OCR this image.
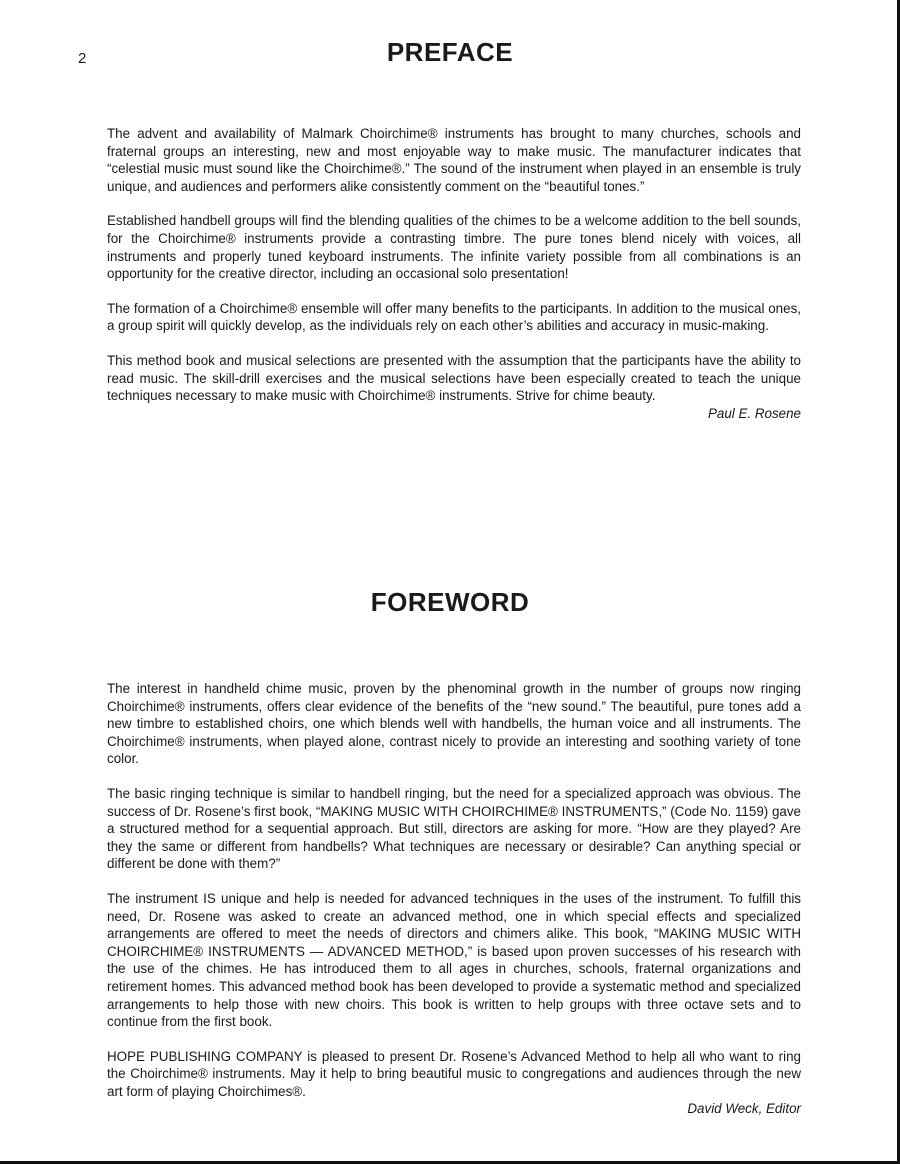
2	PREFACE

The advent and availability of Malmark Choirchime® instruments has brought to many churches, schools and fraternal groups an interesting, new and most enjoyable way to make music. The manufacturer indicates that “celestial music must sound like the Choirchime®.” The sound of the instrument when played in an ensemble is truly unique, and audiences and performers alike consistently comment on the “beautiful tones.”

Established handbell groups will find the blending qualities of the chimes to be a welcome addition to the bell sounds, for the Choirchime® instruments provide a contrasting timbre. The pure tones blend nicely with voices, all instruments and properly tuned keyboard instruments. The infinite variety possible from all combinations is an opportunity for the creative director, including an occasional solo presentation!

The formation of a Choirchime® ensemble will offer many benefits to the participants. In addition to the musical ones, a group spirit will quickly develop, as the individuals rely on each other’s abilities and accuracy in music-making.

This method book and musical selections are presented with the assumption that the participants have the ability to read music. The skill-drill exercises and the musical selections have been especially created to teach the unique techniques necessary to make music with Choirchime® instruments. Strive for chime beauty.

Paul E. Rosene

FOREWORD

The interest in handheld chime music, proven by the phenominal growth in the number of groups now ringing Choirchime® instruments, offers clear evidence of the benefits of the “new sound.” The beautiful, pure tones add a new timbre to established choirs, one which blends well with handbells, the human voice and all instruments. The Choirchime® instruments, when played alone, contrast nicely to provide an interesting and soothing variety of tone color.

The basic ringing technique is similar to handbell ringing, but the need for a specialized approach was obvious. The success of Dr. Rosene’s first book, “MAKING MUSIC WITH CHOIRCHIME® INSTRUMENTS,” (Code No. 1159) gave a structured method for a sequential approach. But still, directors are asking for more. “How are they played? Are they the same or different from handbells? What techniques are necessary or desirable? Can anything special or different be done with them?”

The instrument IS unique and help is needed for advanced techniques in the uses of the instrument. To fulfill this need, Dr. Rosene was asked to create an advanced method, one in which special effects and specialized arrangements are offered to meet the needs of directors and chimers alike. This book, “MAKING MUSIC WITH CHOIRCHIME® INSTRUMENTS — ADVANCED METHOD,” is based upon proven successes of his research with the use of the chimes. He has introduced them to all ages in churches, schools, fraternal organizations and retirement homes. This advanced method book has been developed to provide a systematic method and specialized arrangements to help those with new choirs. This book is written to help groups with three octave sets and to continue from the first book.

HOPE PUBLISHING COMPANY is pleased to present Dr. Rosene’s Advanced Method to help all who want to ring the Choirchime® instruments. May it help to bring beautiful music to congregations and audiences through the new art form of playing Choirchimes®.

David Weck, Editor
